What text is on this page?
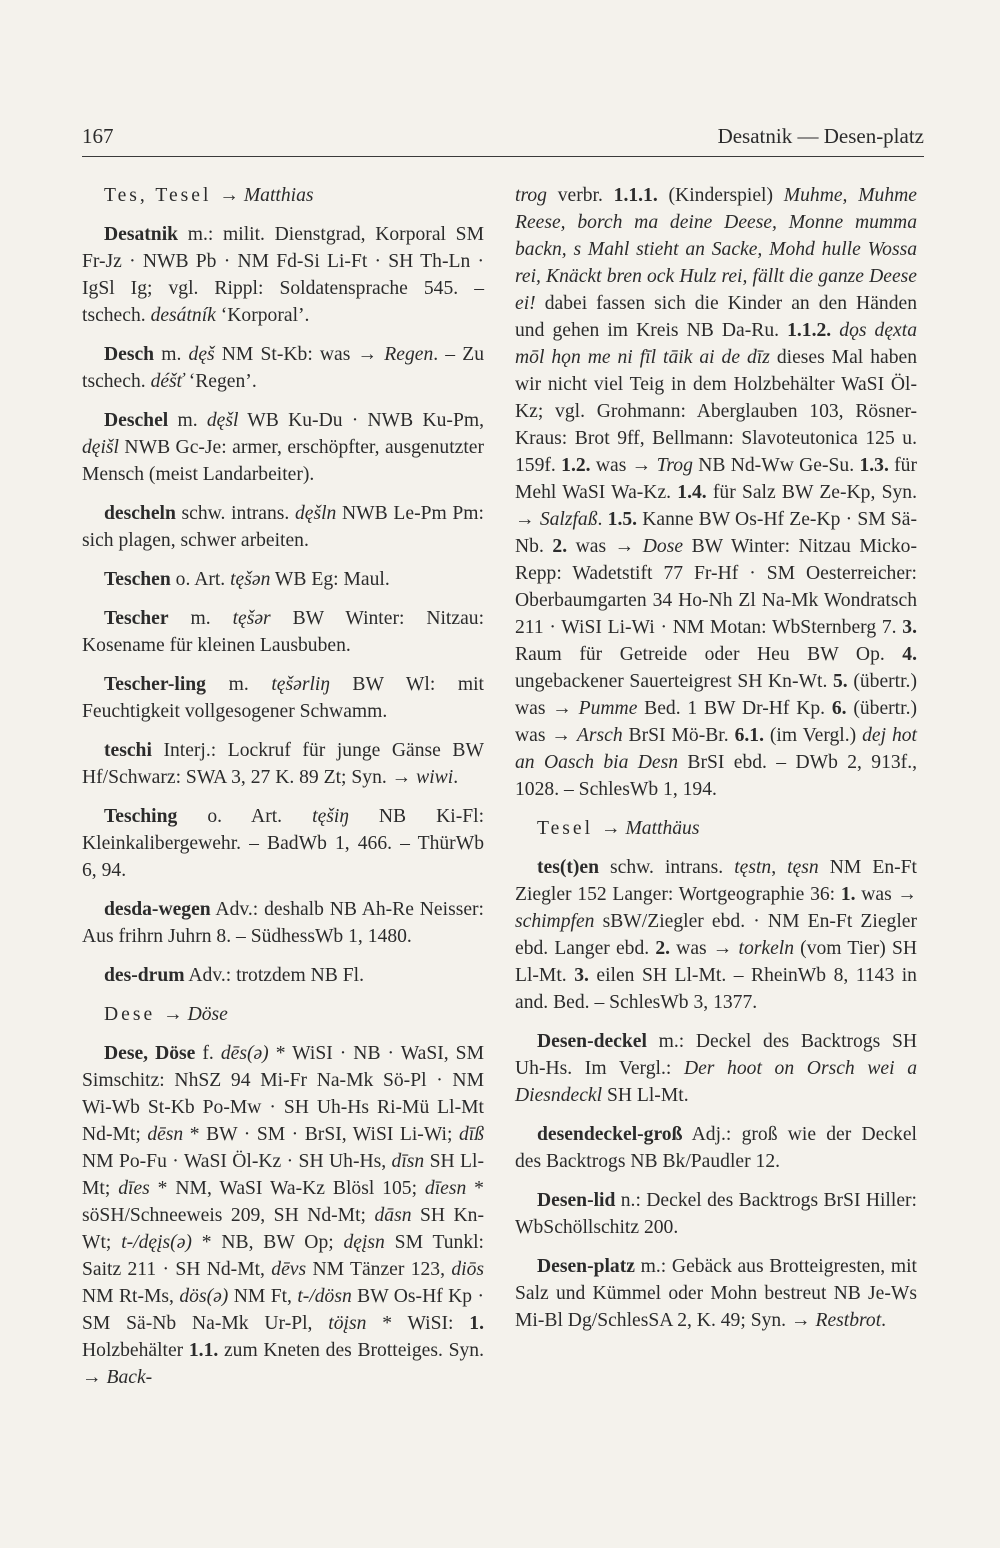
167	Desatnik — Desen-platz

Tes, Tesel → Matthias

Desatnik m.: milit. Dienstgrad, Korporal SM Fr-Jz · NWB Pb · NM Fd-Si Li-Ft · SH Th-Ln · IgSl Ig; vgl. Rippl: Soldatensprache 545. – tschech. desátník ‘Korporal’.

Desch m. dęš NM St-Kb: was → Regen. – Zu tschech. déšť ‘Regen’.

Deschel m. dęšl WB Ku-Du · NWB Ku-Pm, dęišl NWB Gc-Je: armer, erschöpfter, ausgenutzter Mensch (meist Landarbeiter).

descheln schw. intrans. dęšln NWB Le-Pm Pm: sich plagen, schwer arbeiten.

Teschen o. Art. tęšən WB Eg: Maul.

Tescher m. tęšər BW Winter: Nitzau: Kosename für kleinen Lausbuben.

Tescher-ling m. tęšərliŋ BW Wl: mit Feuchtigkeit vollgesogener Schwamm.

teschi Interj.: Lockruf für junge Gänse BW Hf/Schwarz: SWA 3, 27 K. 89 Zt; Syn. → wiwi.

Tesching o. Art. tęšiŋ NB Ki-Fl: Kleinkalibergewehr. – BadWb 1, 466. – ThürWb 6, 94.

desda-wegen Adv.: deshalb NB Ah-Re Neisser: Aus frihrn Juhrn 8. – SüdhessWb 1, 1480.

des-drum Adv.: trotzdem NB Fl.

Dese → Döse

Dese, Döse f. dēs(ə) * WiSI · NB · WaSI, SM Simschitz: NhSZ 94 Mi-Fr Na-Mk Sö-Pl · NM Wi-Wb St-Kb Po-Mw · SH Uh-Hs Ri-Mü Ll-Mt Nd-Mt; dēsn * BW · SM · BrSI, WiSI Li-Wi; dīß NM Po-Fu · WaSI Öl-Kz · SH Uh-Hs, dīsn SH Ll-Mt; dīes * NM, WaSI Wa-Kz Blösl 105; dīesn * söSH/Schneeweis 209, SH Nd-Mt; dāsn SH Kn-Wt; t-/dęįs(ə) * NB, BW Op; dęįsn SM Tunkl: Saitz 211 · SH Nd-Mt, dēvs NM Tänzer 123, diōs NM Rt-Ms, dös(ə) NM Ft, t-/dösn BW Os-Hf Kp · SM Sä-Nb Na-Mk Ur-Pl, töįsn * WiSI: 1. Holzbehälter 1.1. zum Kneten des Brotteiges. Syn. → Back-

trog verbr. 1.1.1. (Kinderspiel) Muhme, Muhme Reese, borch ma deine Deese, Monne mumma backn, s Mahl stieht an Sacke, Mohd hulle Wossa rei, Knäckt bren ock Hulz rei, fällt die ganze Deese ei! dabei fassen sich die Kinder an den Händen und gehen im Kreis NB Da-Ru. 1.1.2. dǫs dęxta mōl hǫn me ni fīl tāik ai de dīz dieses Mal haben wir nicht viel Teig in dem Holzbehälter WaSI Öl-Kz; vgl. Grohmann: Aberglauben 103, Rösner-Kraus: Brot 9ff, Bellmann: Slavoteutonica 125 u. 159f. 1.2. was → Trog NB Nd-Ww Ge-Su. 1.3. für Mehl WaSI Wa-Kz. 1.4. für Salz BW Ze-Kp, Syn. → Salzfaß. 1.5. Kanne BW Os-Hf Ze-Kp · SM Sä-Nb. 2. was → Dose BW Winter: Nitzau Micko-Repp: Wadetstift 77 Fr-Hf · SM Oesterreicher: Oberbaumgarten 34 Ho-Nh Zl Na-Mk Wondratsch 211 · WiSI Li-Wi · NM Motan: WbSternberg 7. 3. Raum für Getreide oder Heu BW Op. 4. ungebackener Sauerteigrest SH Kn-Wt. 5. (übertr.) was → Pumme Bed. 1 BW Dr-Hf Kp. 6. (übertr.) was → Arsch BrSI Mö-Br. 6.1. (im Vergl.) dej hot an Oasch bia Desn BrSI ebd. – DWb 2, 913f., 1028. – SchlesWb 1, 194.

Tesel → Matthäus

tes(t)en schw. intrans. tęstn, tęsn NM En-Ft Ziegler 152 Langer: Wortgeographie 36: 1. was → schimpfen sBW/Ziegler ebd. · NM En-Ft Ziegler ebd. Langer ebd. 2. was → torkeln (vom Tier) SH Ll-Mt. 3. eilen SH Ll-Mt. – RheinWb 8, 1143 in and. Bed. – SchlesWb 3, 1377.

Desen-deckel m.: Deckel des Backtrogs SH Uh-Hs. Im Vergl.: Der hoot on Orsch wei a Diesndeckl SH Ll-Mt.

desendeckel-groß Adj.: groß wie der Deckel des Backtrogs NB Bk/Paudler 12.

Desen-lid n.: Deckel des Backtrogs BrSI Hiller: WbSchöllschitz 200.

Desen-platz m.: Gebäck aus Brotteigresten, mit Salz und Kümmel oder Mohn bestreut NB Je-Ws Mi-Bl Dg/SchlesSA 2, K. 49; Syn. → Restbrot.
